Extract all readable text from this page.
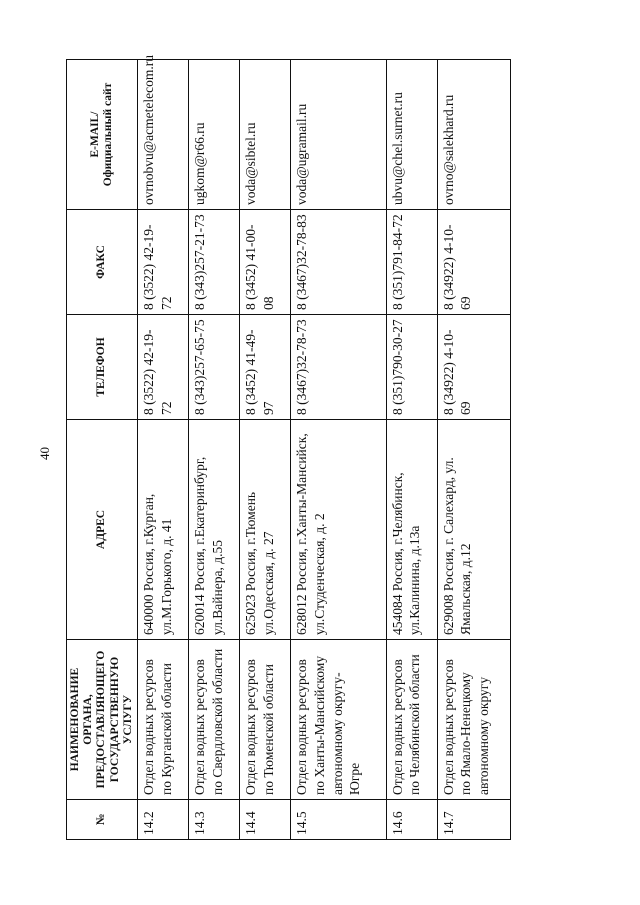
40
№	НАИМЕНОВАНИЕ ОРГАНА, ПРЕДОСТАВЛЯЮЩЕГО ГОСУДАРСТВЕННУЮ УСЛУГУ	АДРЕС	ТЕЛЕФОН	ФАКС	E-MAIL/ Официальный сайт

14.2	Отдел водных ресурсов по Курганской области	640000 Россия, г.Курган, ул.М.Горького, д. 41	8 (3522) 42-19-72	8 (3522) 42-19-72	ovrnobvu@acmetelecom.ru
14.3	Отдел водных ресурсов по Свердловской области	620014 Россия, г.Екатеринбург, ул.Вайнера, д.55	8 (343)257-65-75	8 (343)257-21-73	ugkom@r66.ru
14.4	Отдел водных ресурсов по Тюменской области	625023 Россия, г.Тюмень ул.Одесская, д. 27	8 (3452) 41-49-97	8 (3452) 41-00-08	voda@sibtel.ru
14.5	Отдел водных ресурсов по Ханты-Мансийскому автономному округу-Югре	628012 Россия, г.Ханты-Мансийск, ул.Студенческая, д. 2	8 (3467)32-78-73	8 (3467)32-78-83	voda@ugramail.ru
14.6	Отдел водных ресурсов по Челябинской области	454084 Россия, г.Челябинск, ул.Калинина, д.13а	8 (351)790-30-27	8 (351)791-84-72	ubvu@chel.surnet.ru
14.7	Отдел водных ресурсов по Ямало-Ненецкому автономному округу	629008 Россия, г. Салехард, ул. Ямальская, д.12	8 (34922) 4-10-69	8 (34922) 4-10-69	ovrno@salekhard.ru
